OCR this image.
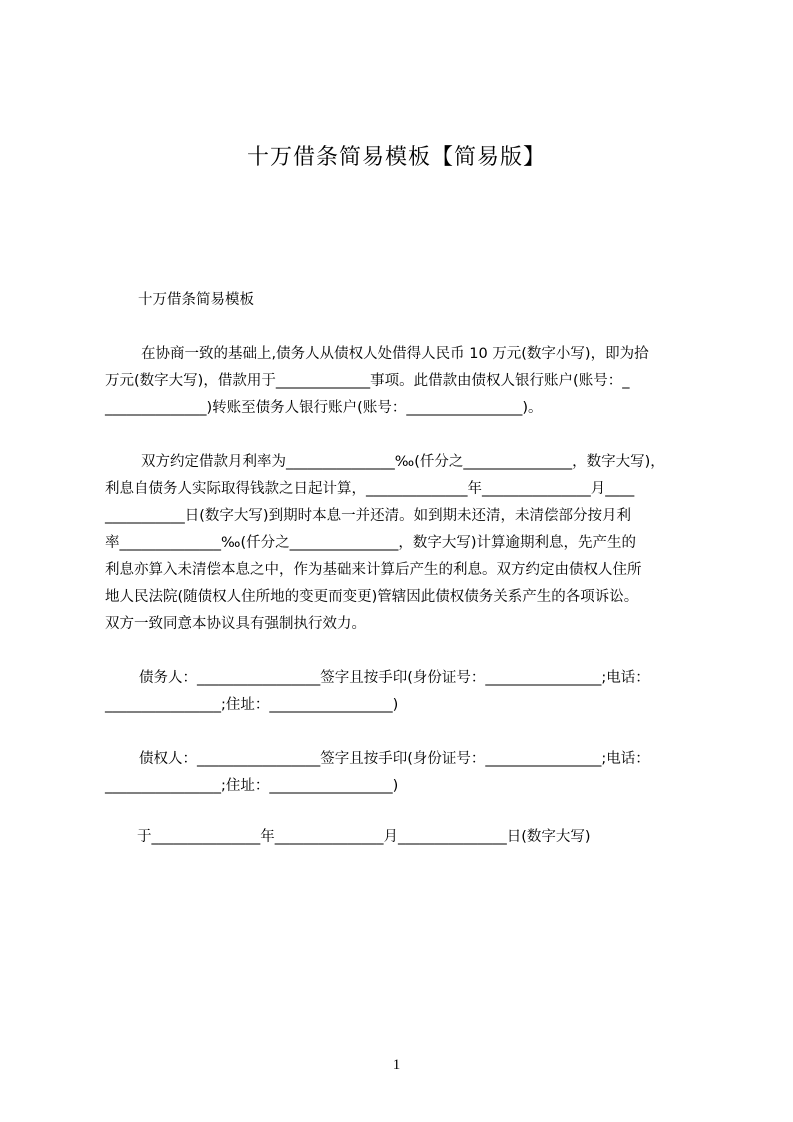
十万借条简易模板【简易版】
十万借条简易模板
在协商一致的基础上,债务人从债权人处借得人民币 10 万元(数字小写)，即为拾
万元(数字大写)，借款用于_____________事项。此借款由债权人银行账户(账号：_
______________)转账至债务人银行账户(账号：________________)。
双方约定借款月利率为_______________‰(仟分之_______________，数字大写)，
利息自债务人实际取得钱款之日起计算，______________年_______________月____
___________日(数字大写)到期时本息一并还清。如到期未还清，未清偿部分按月利
率______________‰(仟分之_______________，数字大写)计算逾期利息，先产生的
利息亦算入未清偿本息之中，作为基础来计算后产生的利息。双方约定由债权人住所
地人民法院(随债权人住所地的变更而变更)管辖因此债权债务关系产生的各项诉讼。
双方一致同意本协议具有强制执行效力。
债务人：_________________签字且按手印(身份证号：________________;电话：
________________;住址：_________________)
债权人：_________________签字且按手印(身份证号：________________;电话：
________________;住址：_________________)
于_______________年_______________月_______________日(数字大写)
1
